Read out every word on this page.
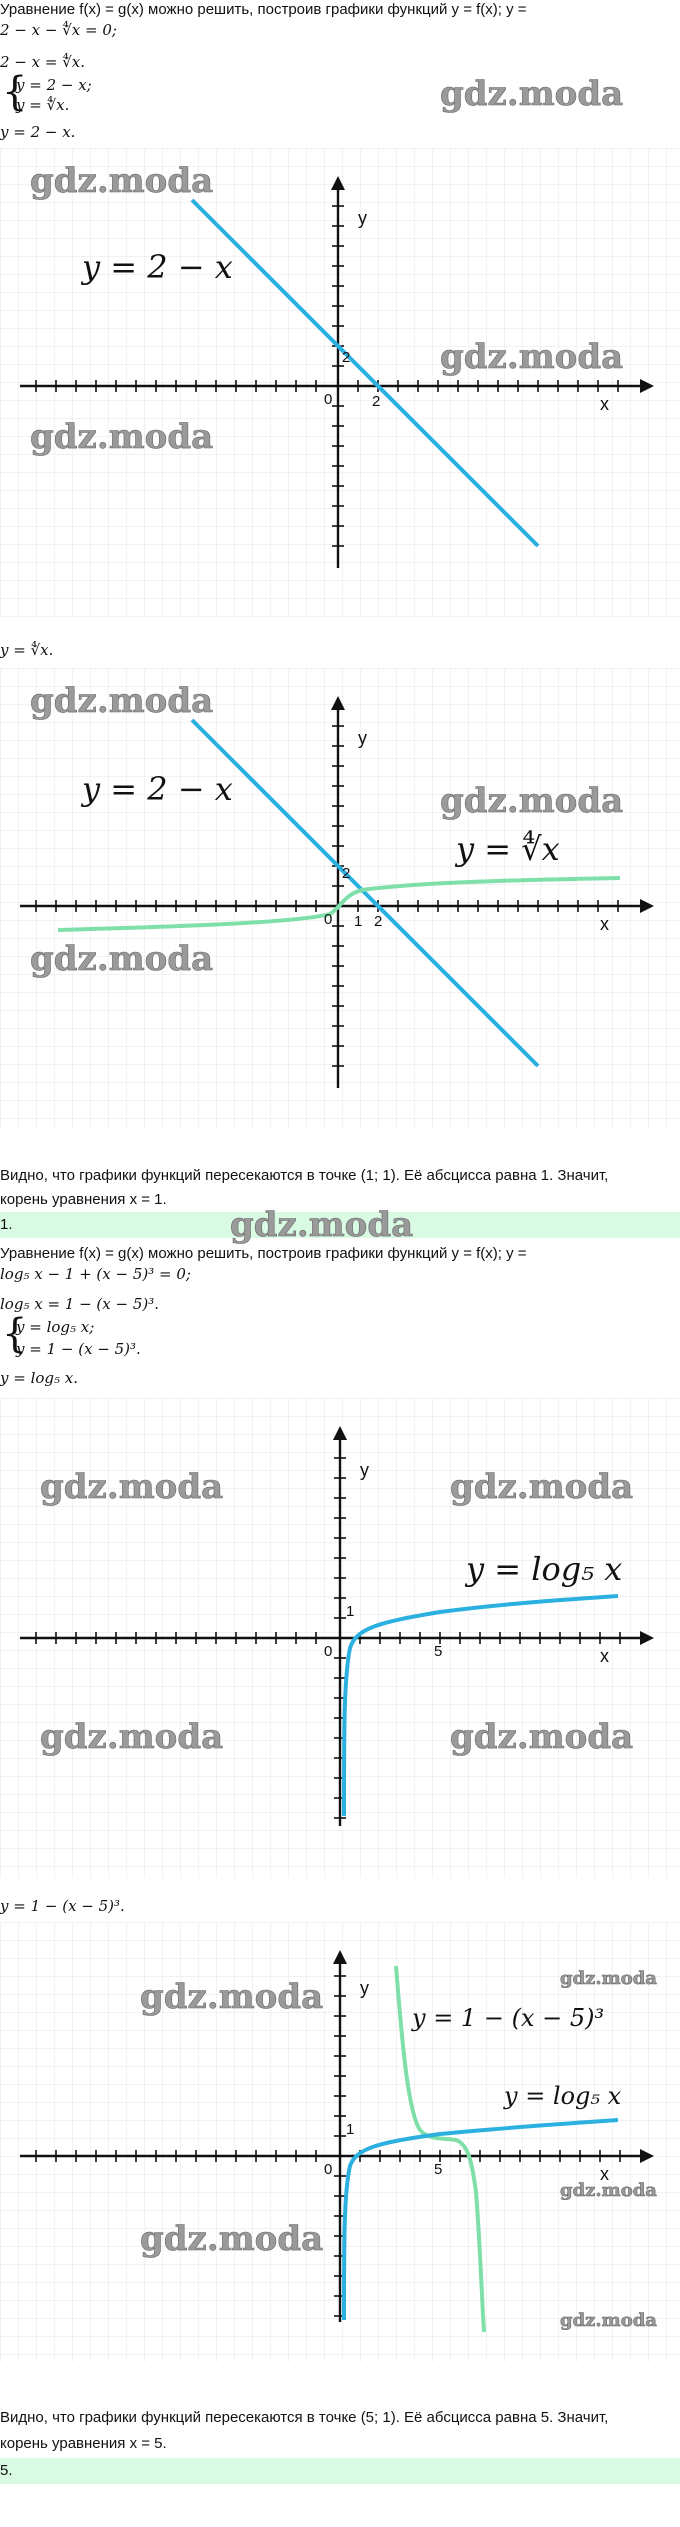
Уравнение f(x) = g(x) можно решить, построив графики функций y = f(x); y =
2 − x − ∜x = 0;
2 − x = ∜x.
{
y = 2 − x;
y = ∜x.
y = 2 − x.
gdz.moda
y = 2 − x
0	2
2
x
y
gdz.moda
gdz.moda
gdz.moda
y = ∜x.
y = 2 − x
y = ∜x
0 1 2
2
x
y
gdz.moda
gdz.moda
gdz.moda
Видно, что графики функций пересекаются в точке (1; 1). Её абсцисса равна 1. Значит,
корень уравнения x = 1.
1.	gdz.moda
Уравнение f(x) = g(x) можно решить, построив графики функций y = f(x); y =
log₅ x − 1 + (x − 5)³ = 0;
log₅ x = 1 − (x − 5)³.
{
y = log₅ x;
y = 1 − (x − 5)³.
y = log₅ x.
y = log₅ x
0	5
1
x
y
gdz.moda	gdz.moda
gdz.moda	gdz.moda
y = 1 − (x − 5)³.
y = 1 − (x − 5)³
y = log₅ x
0	5
1
x
y
gdz.moda
gdz.moda
gdz.moda
gdz.moda
gdz.moda
Видно, что графики функций пересекаются в точке (5; 1). Её абсцисса равна 5. Значит,
корень уравнения x = 5.
5.
